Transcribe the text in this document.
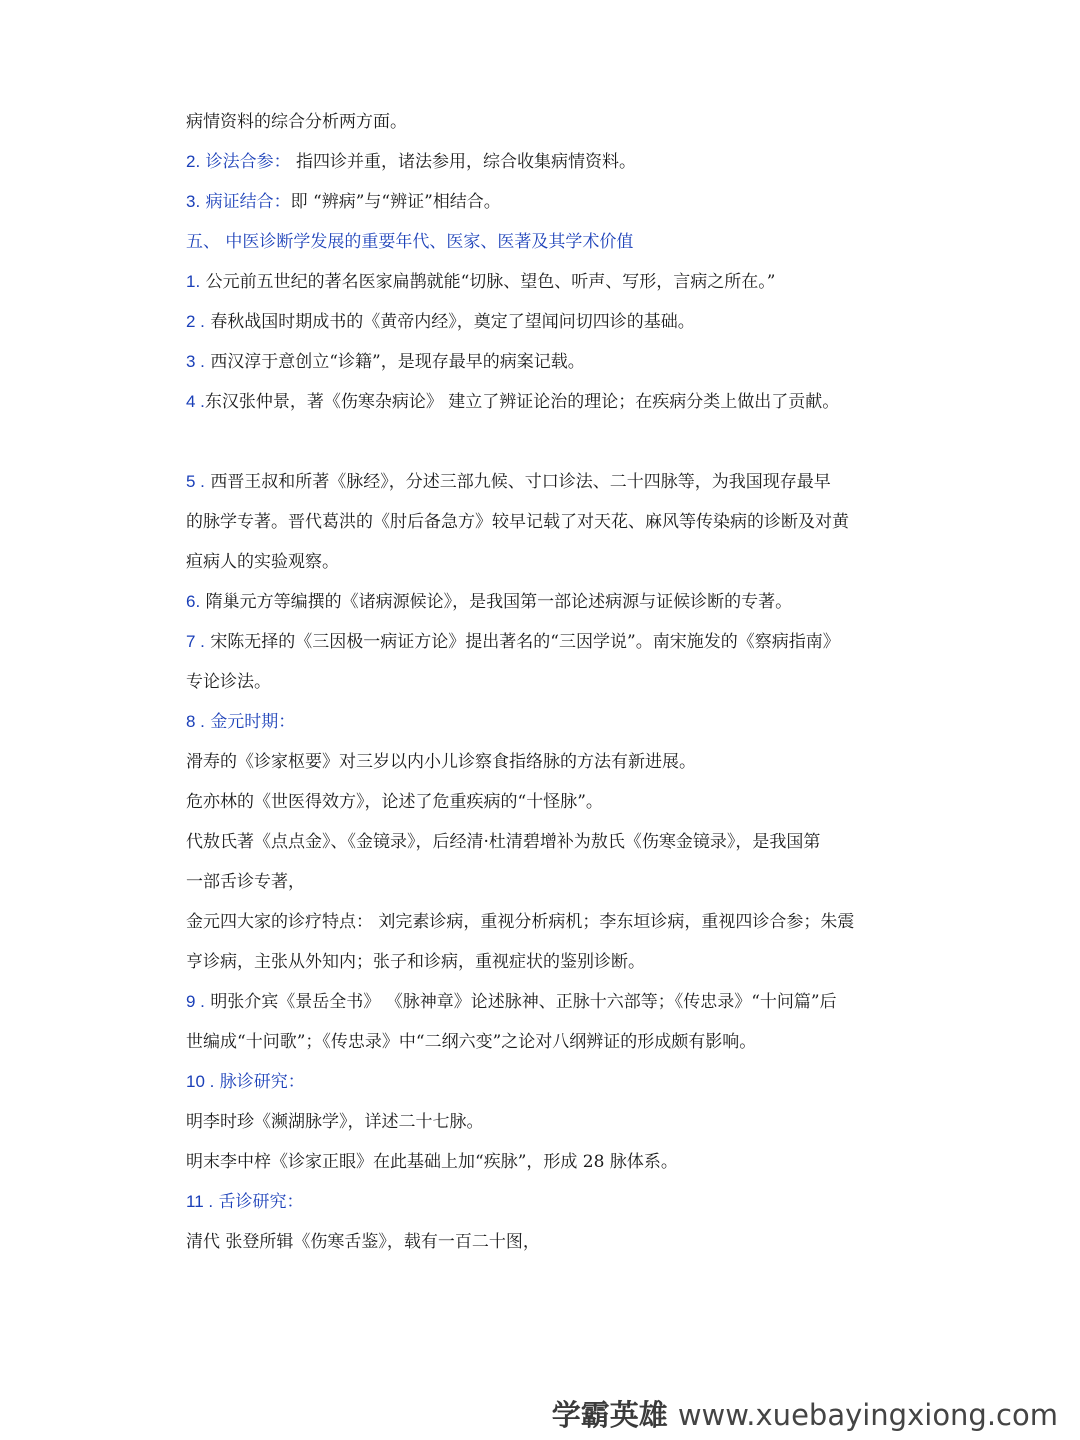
病情资料的综合分析两方面。
2. 诊法合参： 指四诊并重，诸法参用，综合收集病情资料。
3. 病证结合：即 “辨病”与“辨证”相结合。
五、 中医诊断学发展的重要年代、医家、医著及其学术价值
1. 公元前五世纪的著名医家扁鹊就能“切脉、望色、听声、写形，言病之所在。”
2 . 春秋战国时期成书的《黄帝内经》，奠定了望闻问切四诊的基础。
3 . 西汉淳于意创立“诊籍”，是现存最早的病案记载。
4 .东汉张仲景，著《伤寒杂病论》 建立了辨证论治的理论；在疾病分类上做出了贡献。
5 . 西晋王叔和所著《脉经》，分述三部九候、寸口诊法、二十四脉等，为我国现存最早
的脉学专著。晋代葛洪的《肘后备急方》较早记载了对天花、麻风等传染病的诊断及对黄
疸病人的实验观察。
6. 隋巢元方等编撰的《诸病源候论》，是我国第一部论述病源与证候诊断的专著。
7 . 宋陈无择的《三因极一病证方论》提出著名的“三因学说”。南宋施发的《察病指南》
专论诊法。
8 . 金元时期：
滑寿的《诊家枢要》对三岁以内小儿诊察食指络脉的方法有新进展。
危亦林的《世医得效方》，论述了危重疾病的“十怪脉”。
代敖氏著《点点金》、《金镜录》，后经清·杜清碧增补为敖氏《伤寒金镜录》，是我国第
一部舌诊专著，
金元四大家的诊疗特点： 刘完素诊病，重视分析病机；李东垣诊病，重视四诊合参；朱震
亨诊病，主张从外知内；张子和诊病，重视症状的鉴别诊断。
9 . 明张介宾《景岳全书》 《脉神章》论述脉神、正脉十六部等；《传忠录》“十问篇”后
世编成“十问歌”；《传忠录》中“二纲六变”之论对八纲辨证的形成颇有影响。
10 . 脉诊研究：
明李时珍《濒湖脉学》，详述二十七脉。
明末李中梓《诊家正眼》在此基础上加“疾脉”，形成 28 脉体系。
11 . 舌诊研究：
清代 张登所辑《伤寒舌鉴》，载有一百二十图，
学霸英雄 www.xuebayingxiong.com
